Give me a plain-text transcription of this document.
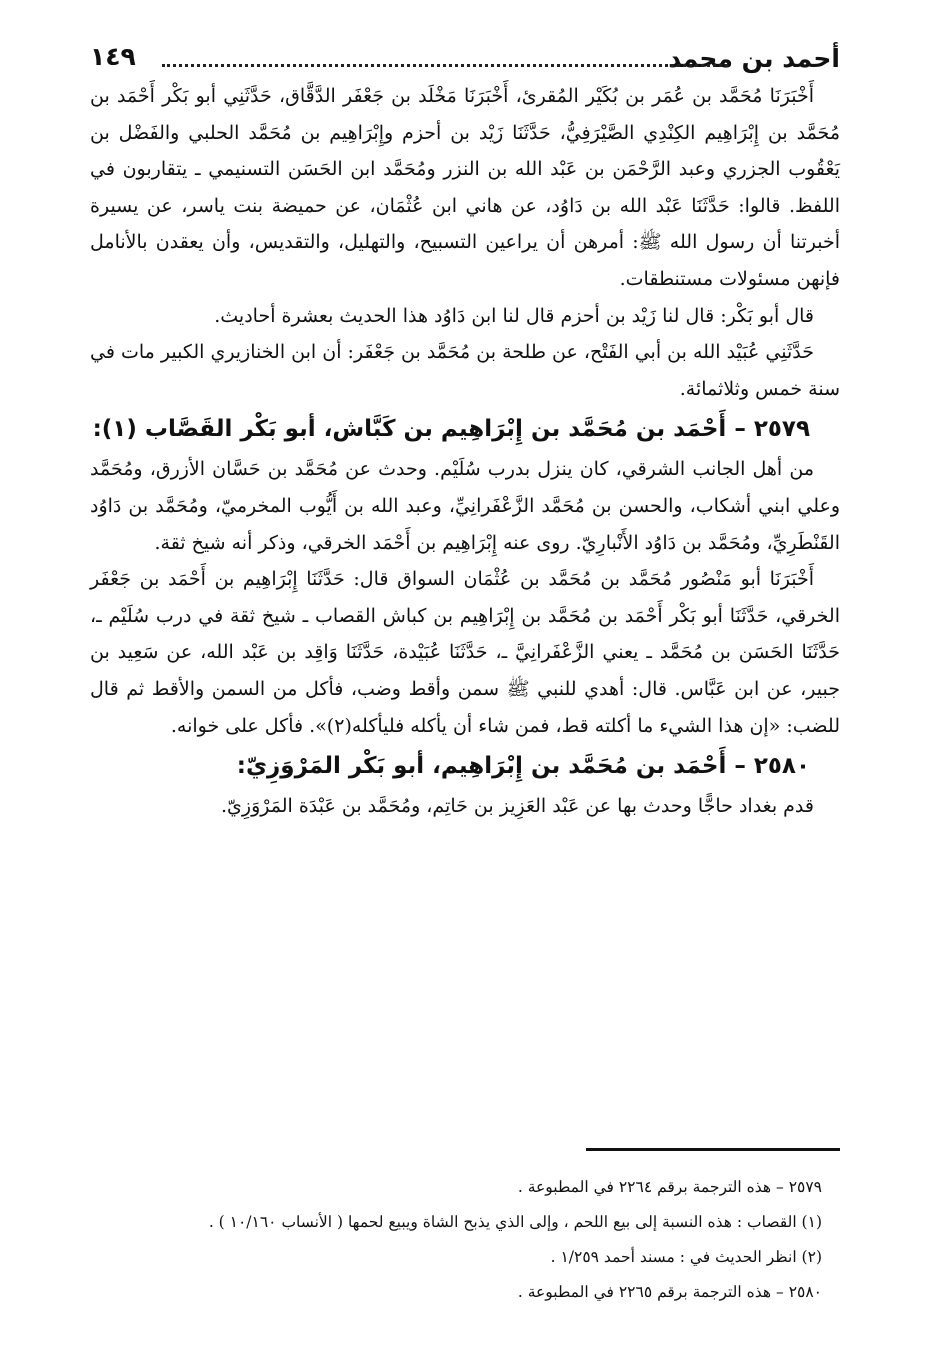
أحمد بن محمد
١٤٩

أَخْبَرَنَا مُحَمَّد بن عُمَر بن بُكَيْر المُقرئ، أَخْبَرَنَا مَخْلَد بن جَعْفَر الدَّقَّاق، حَدَّثَنِي أبو بَكْر أَحْمَد بن مُحَمَّد بن إِبْرَاهِيم الكِنْدِي الصَّيْرَفِيُّ، حَدَّثَنَا زَيْد بن أحزم وإِبْرَاهِيم بن مُحَمَّد الحلبي والفَضْل بن يَعْقُوب الجزري وعبد الرَّحْمَن بن عَبْد الله بن النزر ومُحَمَّد ابن الحَسَن التسنيمي ـ يتقاربون في اللفظ. قالوا: حَدَّثَنَا عَبْد الله بن دَاوُد، عن هاني ابن عُثْمَان، عن حميضة بنت ياسر، عن يسيرة أخبرتنا أن رسول الله ﷺ: أمرهن أن يراعين التسبيح، والتهليل، والتقديس، وأن يعقدن بالأنامل فإنهن مسئولات مستنطقات.

قال أبو بَكْر: قال لنا زَيْد بن أحزم قال لنا ابن دَاوُد هذا الحديث بعشرة أحاديث.

حَدَّثَنِي عُبَيْد الله بن أبي الفَتْح، عن طلحة بن مُحَمَّد بن جَعْفَر: أن ابن الخنازيري الكبير مات في سنة خمس وثلاثمائة.

٢٥٧٩ – أَحْمَد بن مُحَمَّد بن إِبْرَاهِيم بن كَبَّاش، أبو بَكْر القَصَّاب (١):

من أهل الجانب الشرقي، كان ينزل بدرب سُلَيْم. وحدث عن مُحَمَّد بن حَسَّان الأزرق، ومُحَمَّد وعلي ابني أشكاب، والحسن بن مُحَمَّد الزَّعْفَرانِيِّ، وعبد الله بن أَيُّوب المخرميّ، ومُحَمَّد بن دَاوُد القَنْطَرِيِّ، ومُحَمَّد بن دَاوُد الأَنْبارِيّ. روى عنه إِبْرَاهِيم بن أَحْمَد الخرقي، وذكر أنه شيخ ثقة.

أَخْبَرَنَا أبو مَنْصُور مُحَمَّد بن مُحَمَّد بن عُثْمَان السواق قال: حَدَّثَنَا إِبْرَاهِيم بن أَحْمَد بن جَعْفَر الخرقي، حَدَّثَنَا أبو بَكْر أَحْمَد بن مُحَمَّد بن إِبْرَاهِيم بن كباش القصاب ـ شيخ ثقة في درب سُلَيْم ـ، حَدَّثَنَا الحَسَن بن مُحَمَّد ـ يعني الزَّعْفَرانِيَّ ـ، حَدَّثَنَا عُبَيْدة، حَدَّثَنَا وَاقِد بن عَبْد الله، عن سَعِيد بن جبير، عن ابن عَبَّاس. قال: أهدي للنبي ﷺ سمن وأقط وضب، فأكل من السمن والأقط ثم قال للضب: «إن هذا الشيء ما أكلته قط، فمن شاء أن يأكله فليأكله(٢)». فأكل على خوانه.

٢٥٨٠ – أَحْمَد بن مُحَمَّد بن إِبْرَاهِيم، أبو بَكْر المَرْوَزِيّ:

قدم بغداد حاجًّا وحدث بها عن عَبْد العَزِيز بن حَاتِم، ومُحَمَّد بن عَبْدَة المَرْوَزِيّ.

٢٥٧٩ – هذه الترجمة برقم ٢٢٦٤ في المطبوعة .

(١) القصاب : هذه النسبة إلى بيع اللحم ، وإلى الذي يذبح الشاة ويبيع لحمها ( الأنساب ١٠/١٦٠ ) .

(٢) انظر الحديث في : مسند أحمد ١/٢٥٩ .

٢٥٨٠ – هذه الترجمة برقم ٢٢٦٥ في المطبوعة .
